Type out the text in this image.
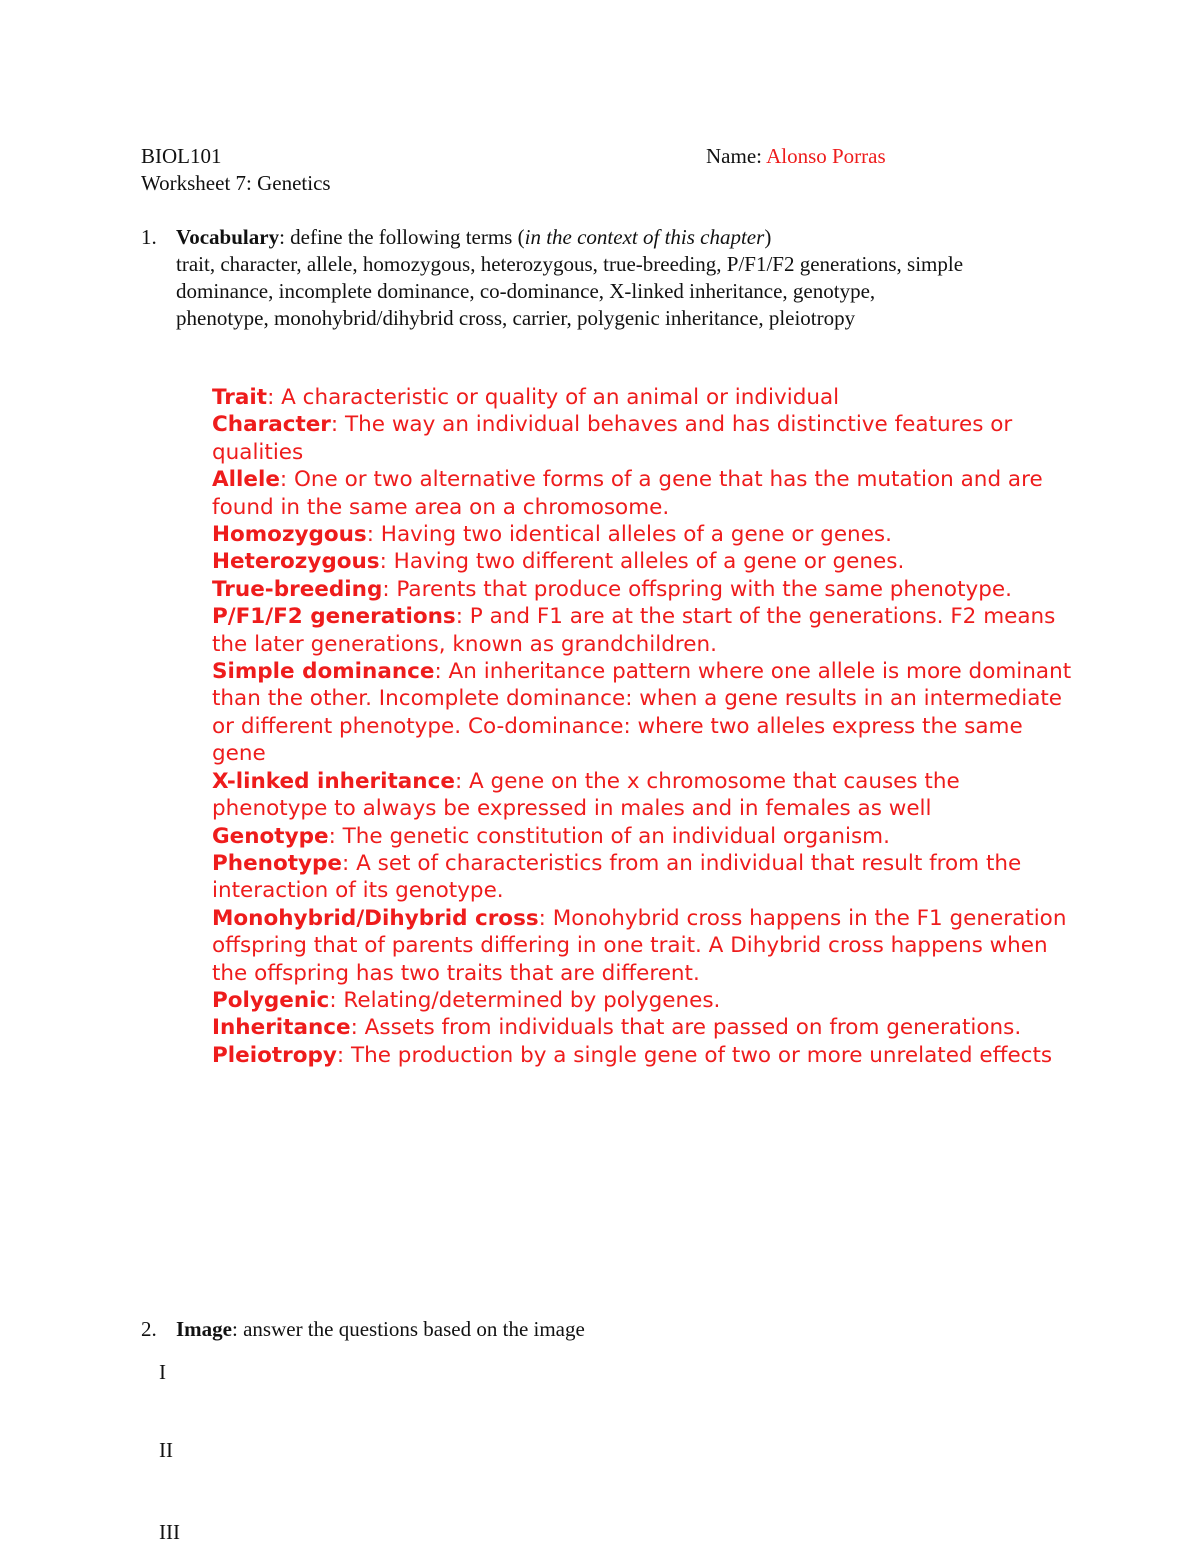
BIOL101
Worksheet 7: Genetics
Name: Alonso Porras
1. Vocabulary: define the following terms (in the context of this chapter)
trait, character, allele, homozygous, heterozygous, true-breeding, P/F1/F2 generations, simple
dominance, incomplete dominance, co-dominance, X-linked inheritance, genotype,
phenotype, monohybrid/dihybrid cross, carrier, polygenic inheritance, pleiotropy
Trait: A characteristic or quality of an animal or individual
Character: The way an individual behaves and has distinctive features or qualities
Allele: One or two alternative forms of a gene that has the mutation and are found in the same area on a chromosome.
Homozygous: Having two identical alleles of a gene or genes.
Heterozygous: Having two different alleles of a gene or genes.
True-breeding: Parents that produce offspring with the same phenotype.
P/F1/F2 generations: P and F1 are at the start of the generations. F2 means the later generations, known as grandchildren.
Simple dominance: An inheritance pattern where one allele is more dominant than the other. Incomplete dominance: when a gene results in an intermediate or different phenotype. Co-dominance: where two alleles express the same gene
X-linked inheritance: A gene on the x chromosome that causes the phenotype to always be expressed in males and in females as well
Genotype: The genetic constitution of an individual organism.
Phenotype: A set of characteristics from an individual that result from the interaction of its genotype.
Monohybrid/Dihybrid cross: Monohybrid cross happens in the F1 generation offspring that of parents differing in one trait. A Dihybrid cross happens when the offspring has two traits that are different.
Polygenic: Relating/determined by polygenes.
Inheritance: Assets from individuals that are passed on from generations.
Pleiotropy: The production by a single gene of two or more unrelated effects
2. Image: answer the questions based on the image
I
II
III
